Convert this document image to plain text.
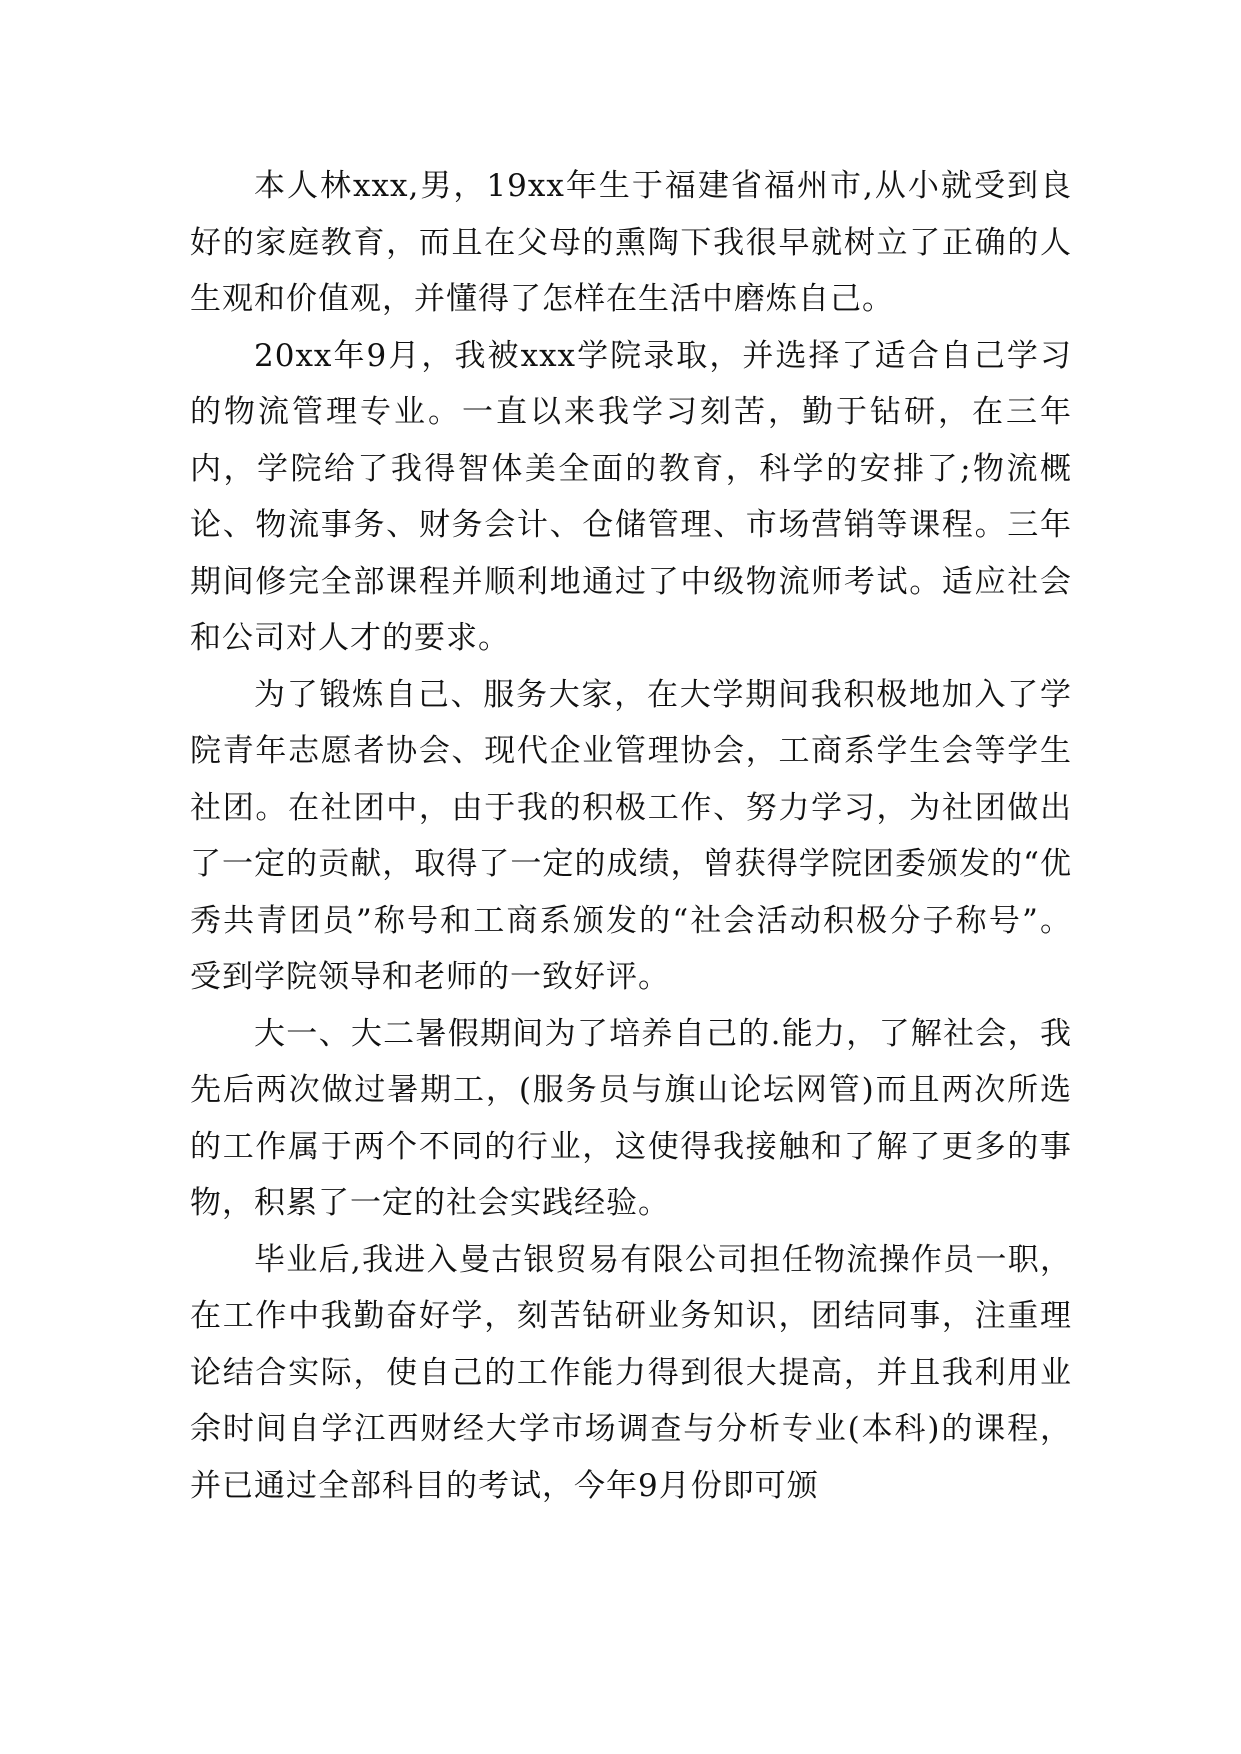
本人林xxx,男，19xx年生于福建省福州市,从小就受到良好的家庭教育，而且在父母的熏陶下我很早就树立了正确的人生观和价值观，并懂得了怎样在生活中磨炼自己。

20xx年9月，我被xxx学院录取，并选择了适合自己学习的物流管理专业。一直以来我学习刻苦，勤于钻研，在三年内，学院给了我得智体美全面的教育，科学的安排了;物流概论、物流事务、财务会计、仓储管理、市场营销等课程。三年期间修完全部课程并顺利地通过了中级物流师考试。适应社会和公司对人才的要求。

为了锻炼自己、服务大家，在大学期间我积极地加入了学院青年志愿者协会、现代企业管理协会，工商系学生会等学生社团。在社团中，由于我的积极工作、努力学习，为社团做出了一定的贡献，取得了一定的成绩，曾获得学院团委颁发的“优秀共青团员”称号和工商系颁发的“社会活动积极分子称号”。受到学院领导和老师的一致好评。

大一、大二暑假期间为了培养自己的.能力，了解社会，我先后两次做过暑期工，(服务员与旗山论坛网管)而且两次所选的工作属于两个不同的行业，这使得我接触和了解了更多的事物，积累了一定的社会实践经验。

毕业后,我进入曼古银贸易有限公司担任物流操作员一职，在工作中我勤奋好学，刻苦钻研业务知识，团结同事，注重理论结合实际，使自己的工作能力得到很大提高，并且我利用业余时间自学江西财经大学市场调查与分析专业(本科)的课程，并已通过全部科目的考试，今年9月份即可颁
